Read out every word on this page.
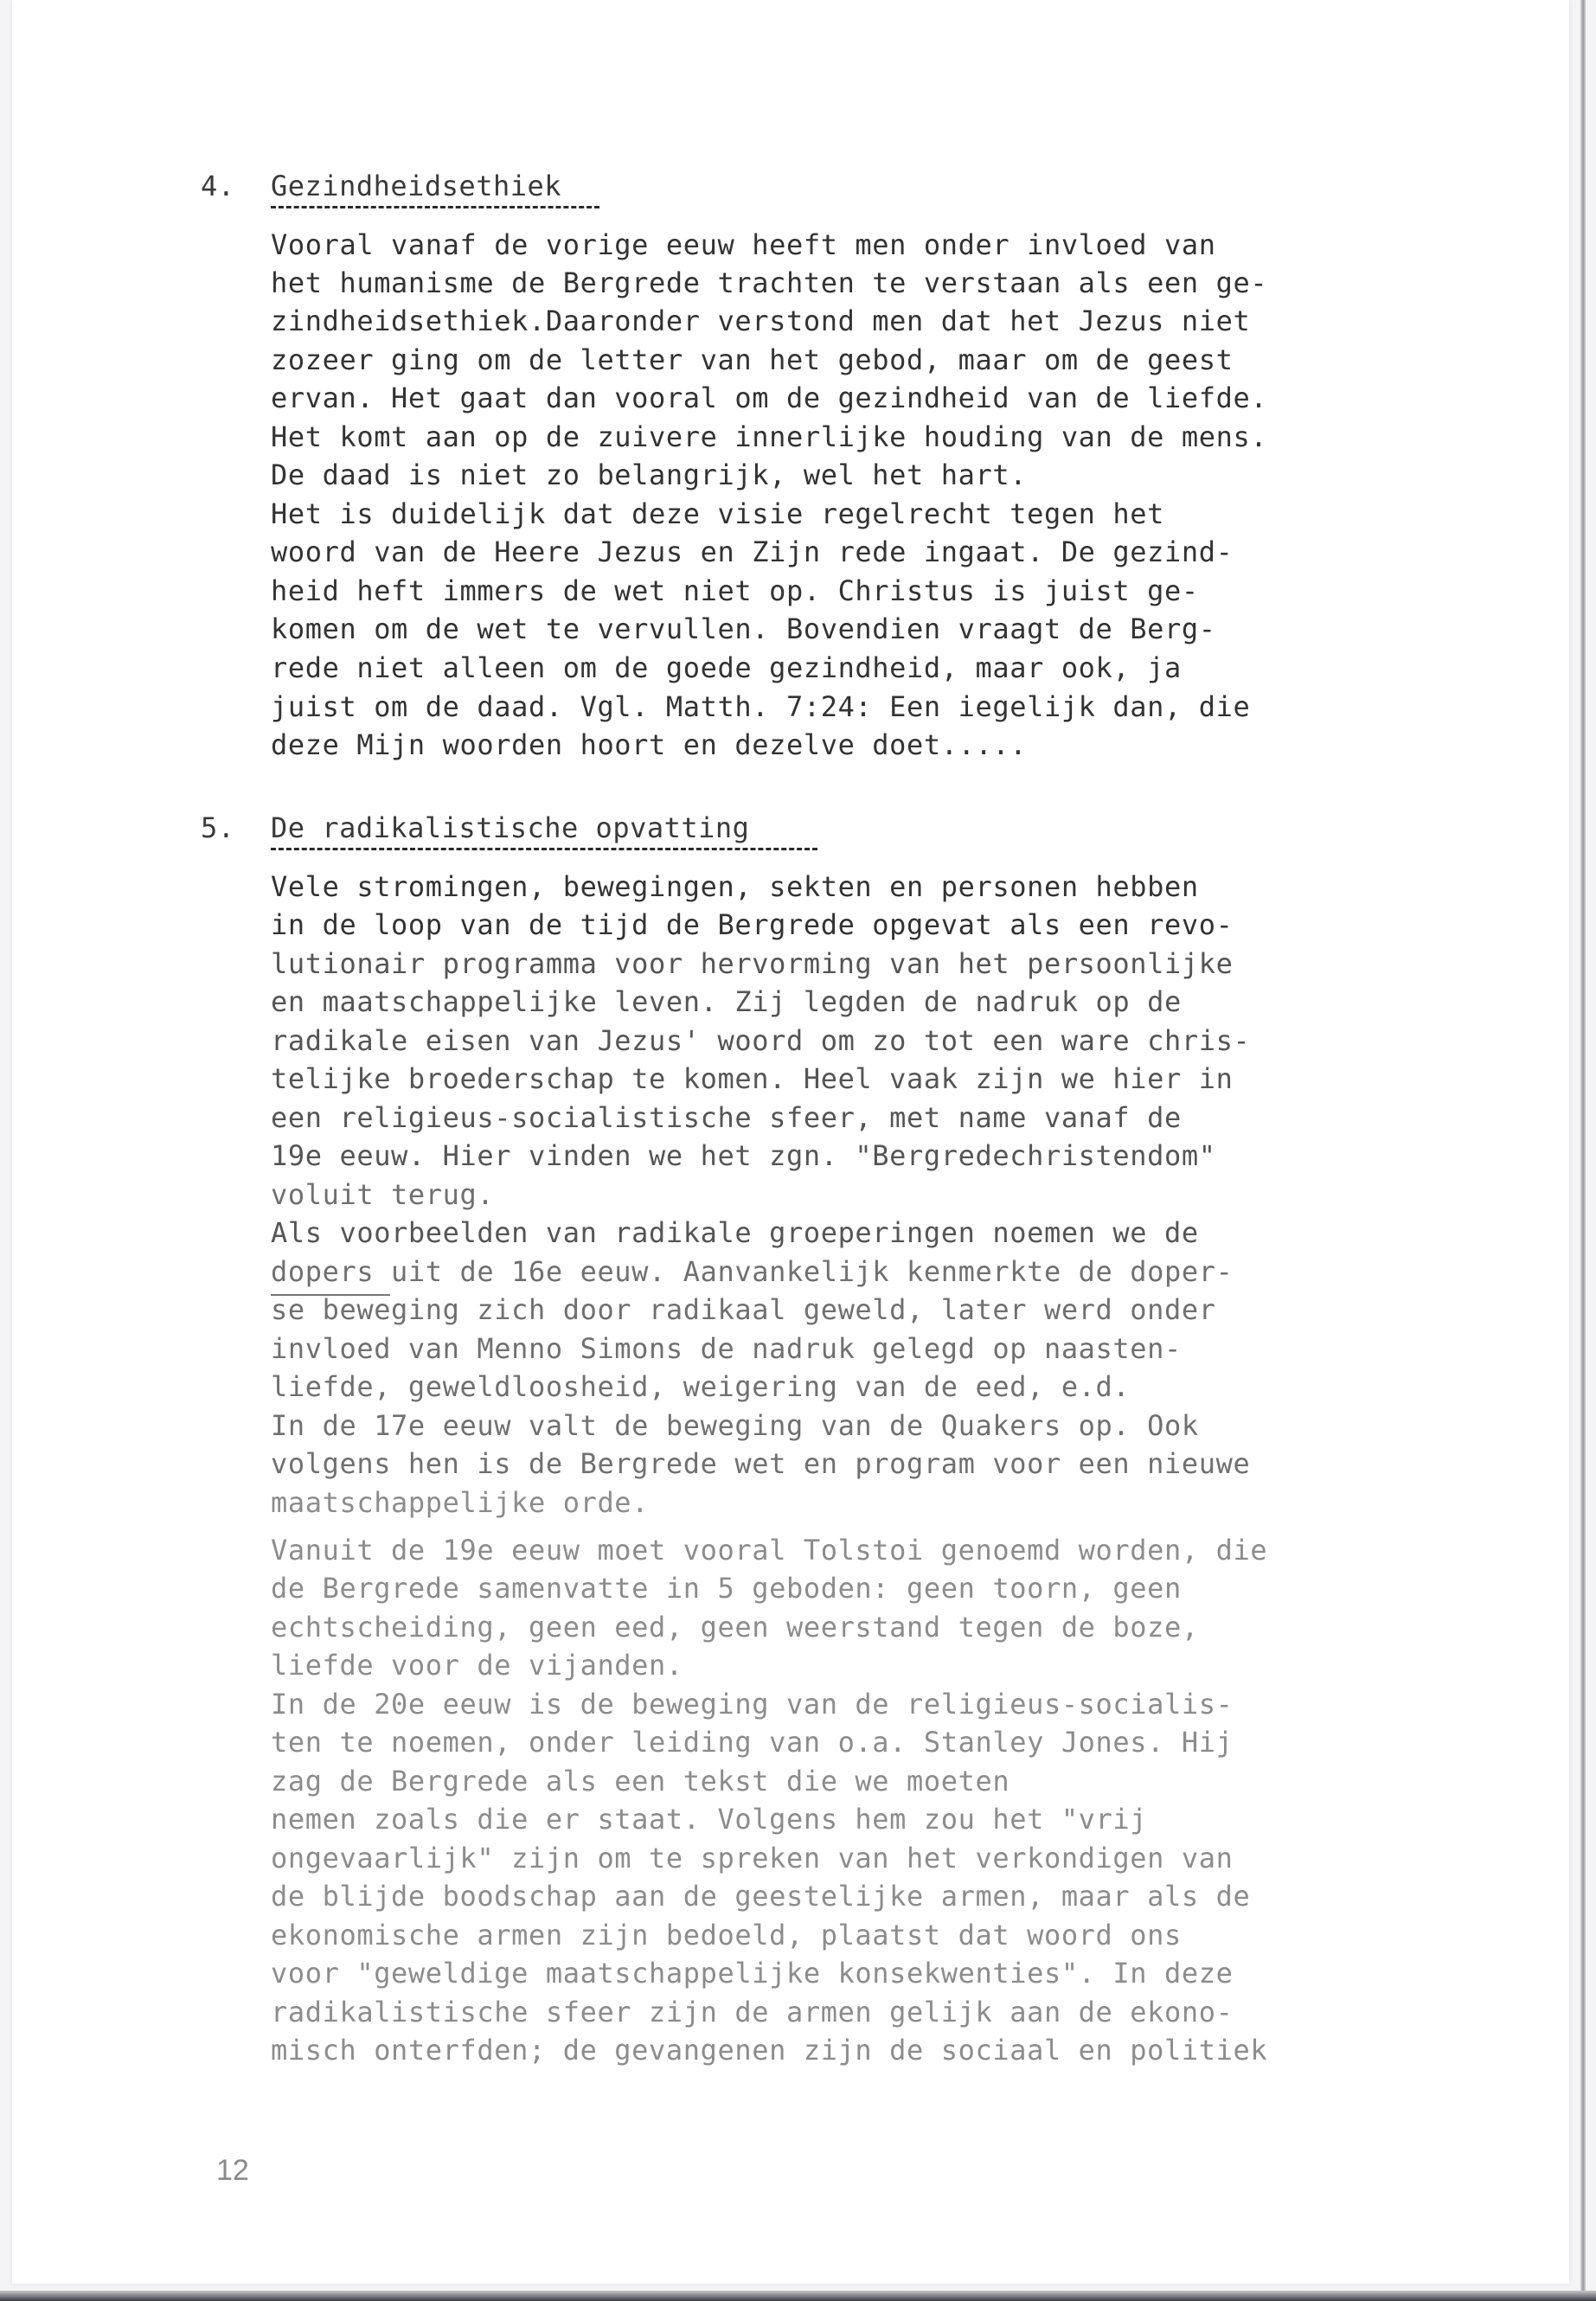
4. Gezindheidsethiek
Vooral vanaf de vorige eeuw heeft men onder invloed van
het humanisme de Bergrede trachten te verstaan als een ge-
zindheidsethiek.Daaronder verstond men dat het Jezus niet
zozeer ging om de letter van het gebod, maar om de geest
ervan. Het gaat dan vooral om de gezindheid van de liefde.
Het komt aan op de zuivere innerlijke houding van de mens.
De daad is niet zo belangrijk, wel het hart.
Het is duidelijk dat deze visie regelrecht tegen het
woord van de Heere Jezus en Zijn rede ingaat. De gezind-
heid heft immers de wet niet op. Christus is juist ge-
komen om de wet te vervullen. Bovendien vraagt de Berg-
rede niet alleen om de goede gezindheid, maar ook, ja
juist om de daad. Vgl. Matth. 7:24: Een iegelijk dan, die
deze Mijn woorden hoort en dezelve doet.....
5. De radikalistische opvatting
Vele stromingen, bewegingen, sekten en personen hebben
in de loop van de tijd de Bergrede opgevat als een revo-
lutionair programma voor hervorming van het persoonlijke
en maatschappelijke leven. Zij legden de nadruk op de
radikale eisen van Jezus' woord om zo tot een ware chris-
telijke broederschap te komen. Heel vaak zijn we hier in
een religieus-socialistische sfeer, met name vanaf de
19e eeuw. Hier vinden we het zgn. "Bergredechristendom"
voluit terug.
Als voorbeelden van radikale groeperingen noemen we de
dopers uit de 16e eeuw. Aanvankelijk kenmerkte de doper-
se beweging zich door radikaal geweld, later werd onder
invloed van Menno Simons de nadruk gelegd op naasten-
liefde, geweldloosheid, weigering van de eed, e.d.
In de 17e eeuw valt de beweging van de Quakers op. Ook
volgens hen is de Bergrede wet en program voor een nieuwe
maatschappelijke orde.
Vanuit de 19e eeuw moet vooral Tolstoi genoemd worden, die
de Bergrede samenvatte in 5 geboden: geen toorn, geen
echtscheiding, geen eed, geen weerstand tegen de boze,
liefde voor de vijanden.
In de 20e eeuw is de beweging van de religieus-socialis-
ten te noemen, onder leiding van o.a. Stanley Jones. Hij
zag de Bergrede als een tekst die we moeten
nemen zoals die er staat. Volgens hem zou het "vrij
ongevaarlijk" zijn om te spreken van het verkondigen van
de blijde boodschap aan de geestelijke armen, maar als de
ekonomische armen zijn bedoeld, plaatst dat woord ons
voor "geweldige maatschappelijke konsekwenties". In deze
radikalistische sfeer zijn de armen gelijk aan de ekono-
misch onterfden; de gevangenen zijn de sociaal en politiek
12
